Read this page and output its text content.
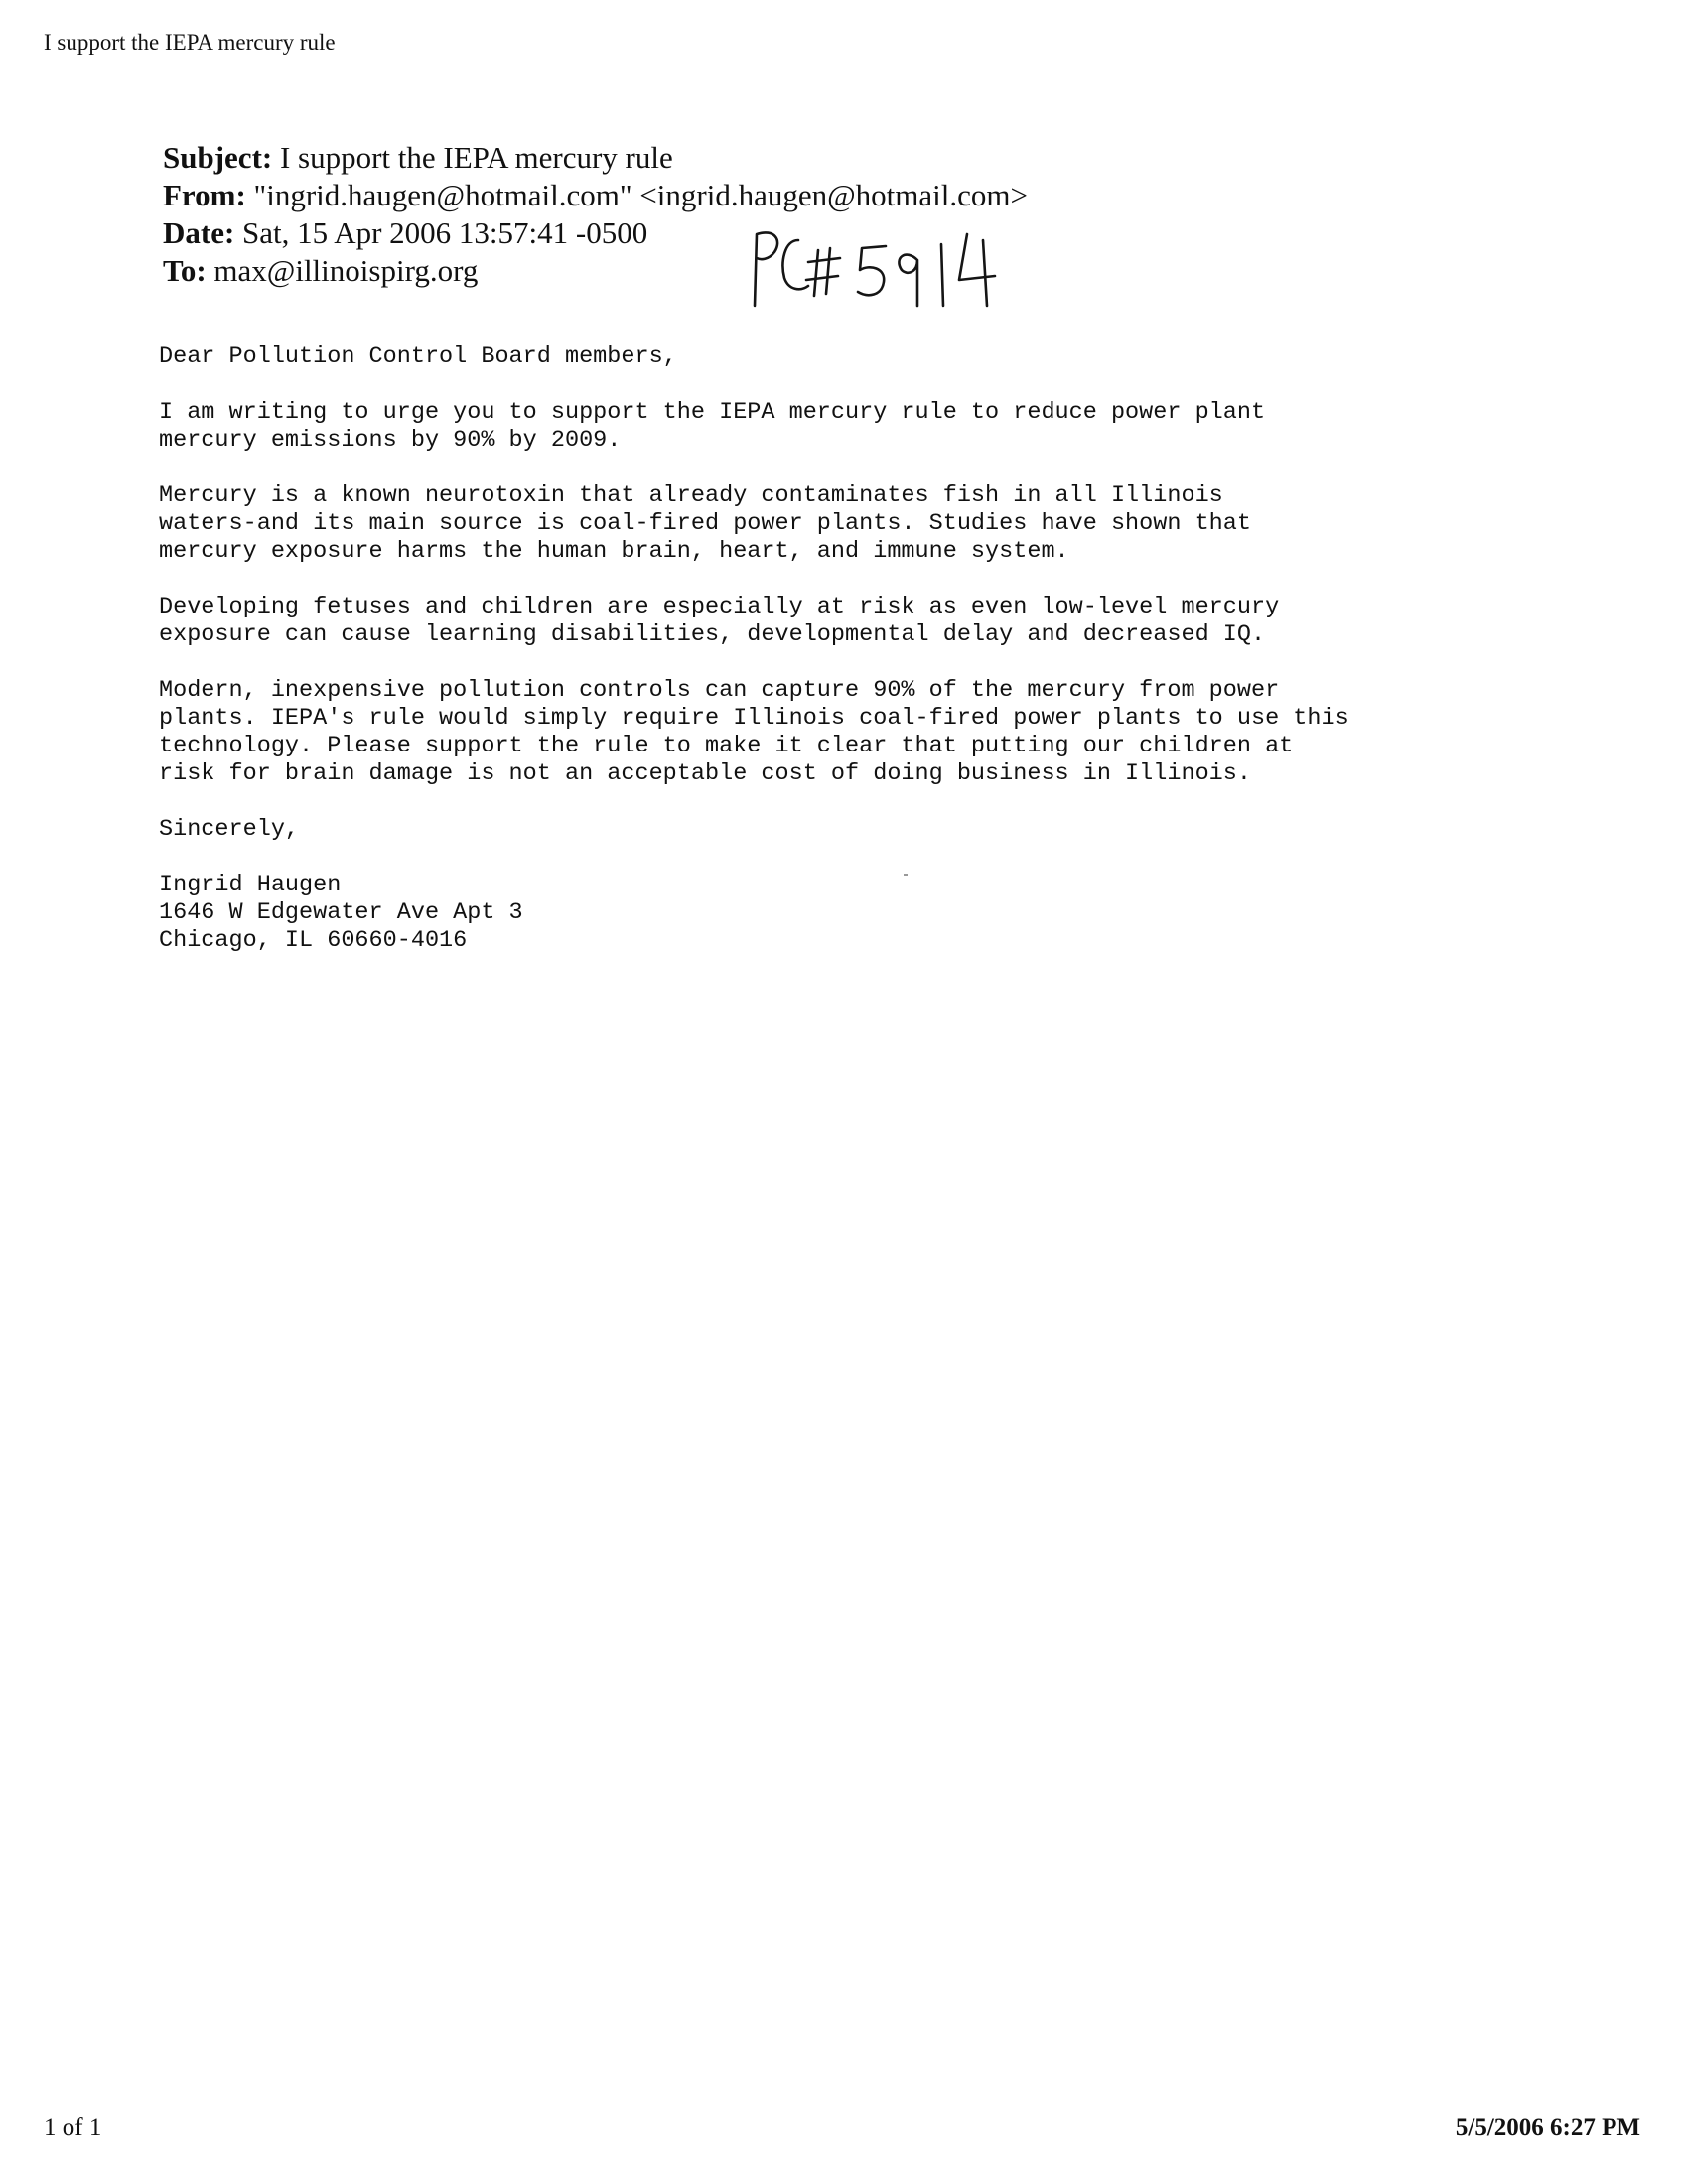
I support the IEPA mercury rule
Subject: I support the IEPA mercury rule
From: "ingrid.haugen@hotmail.com" <ingrid.haugen@hotmail.com>
Date: Sat, 15 Apr 2006 13:57:41 -0500
To: max@illinoispirg.org

Dear Pollution Control Board members,

I am writing to urge you to support the IEPA mercury rule to reduce power plant
mercury emissions by 90% by 2009.

Mercury is a known neurotoxin that already contaminates fish in all Illinois
waters-and its main source is coal-fired power plants. Studies have shown that
mercury exposure harms the human brain, heart, and immune system.

Developing fetuses and children are especially at risk as even low-level mercury
exposure can cause learning disabilities, developmental delay and decreased IQ.

Modern, inexpensive pollution controls can capture 90% of the mercury from power
plants. IEPA's rule would simply require Illinois coal-fired power plants to use this
technology. Please support the rule to make it clear that putting our children at
risk for brain damage is not an acceptable cost of doing business in Illinois.

Sincerely,

Ingrid Haugen
1646 W Edgewater Ave Apt 3
Chicago, IL 60660-4016
1 of 1	5/5/2006 6:27 PM
